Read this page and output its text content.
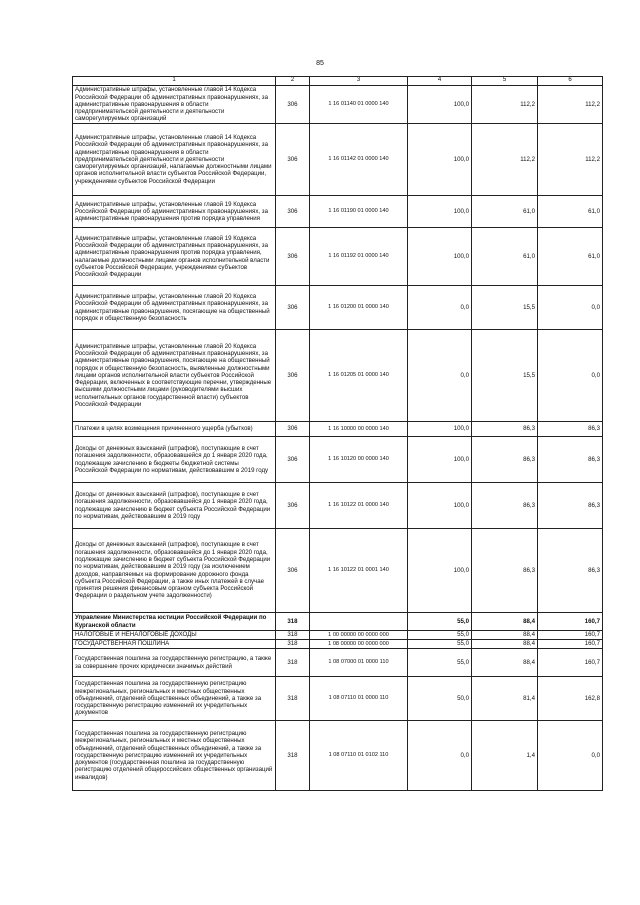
85
1	2	3	4	5	6
Административные штрафы, установленные главой 14 Кодекса Российской Федерации об административных правонарушениях, за административные правонарушения в области предпринимательской деятельности и деятельности саморегулируемых организаций	306	1 16 01140 01 0000 140	100,0	112,2	112,2
Административные штрафы, установленные главой 14 Кодекса Российской Федерации об административных правонарушениях, за административные правонарушения в области предпринимательской деятельности и деятельности саморегулируемых организаций, налагаемые должностными лицами органов исполнительной власти субъектов Российской Федерации, учреждениями субъектов Российской Федерации	306	1 16 01142 01 0000 140	100,0	112,2	112,2
Административные штрафы, установленные главой 19 Кодекса Российской Федерации об административных правонарушениях, за административные правонарушения против порядка управления	306	1 16 01190 01 0000 140	100,0	61,0	61,0
Административные штрафы, установленные главой 19 Кодекса Российской Федерации об административных правонарушениях, за административные правонарушения против порядка управления, налагаемые должностными лицами органов исполнительной власти субъектов Российской Федерации, учреждениями субъектов Российской Федерации	306	1 16 01192 01 0000 140	100,0	61,0	61,0
Административные штрафы, установленные главой 20 Кодекса Российской Федерации об административных правонарушениях, за административные правонарушения, посягающие на общественный порядок и общественную безопасность	306	1 16 01200 01 0000 140	0,0	15,5	0,0
Административные штрафы, установленные главой 20 Кодекса Российской Федерации об административных правонарушениях, за административные правонарушения, посягающие на общественный порядок и общественную безопасность, выявленные должностными лицами органов исполнительной власти субъектов Российской Федерации, включенных в соответствующие перечни, утвержденные высшими должностными лицами (руководителями высших исполнительных органов государственной власти) субъектов Российской Федерации	306	1 16 01205 01 0000 140	0,0	15,5	0,0
Платежи в целях возмещения причиненного ущерба (убытков)	306	1 16 10000 00 0000 140	100,0	86,3	86,3
Доходы от денежных взысканий (штрафов), поступающие в счет погашения задолженности, образовавшейся до 1 января 2020 года, подлежащие зачислению в бюджеты бюджетной системы Российской Федерации по нормативам, действовавшим в 2019 году	306	1 16 10120 00 0000 140	100,0	86,3	86,3
Доходы от денежных взысканий (штрафов), поступающие в счет погашения задолженности, образовавшейся до 1 января 2020 года, подлежащие зачислению в бюджет субъекта Российской Федерации по нормативам, действовавшим в 2019 году	306	1 16 10122 01 0000 140	100,0	86,3	86,3
Доходы от денежных взысканий (штрафов), поступающие в счет погашения задолженности, образовавшейся до 1 января 2020 года, подлежащие зачислению в бюджет субъекта Российской Федерации по нормативам, действовавшим в 2019 году (за исключением доходов, направляемых на формирование дорожного фонда субъекта Российской Федерации, а также иных платежей в случае принятия решения финансовым органом субъекта Российской Федерации о раздельном учете задолженности)	306	1 16 10122 01 0001 140	100,0	86,3	86,3
Управление Министерства юстиции Российской Федерации по Курганской области	318		55,0	88,4	160,7
НАЛОГОВЫЕ И НЕНАЛОГОВЫЕ ДОХОДЫ	318	1 00 00000 00 0000 000	55,0	88,4	160,7
ГОСУДАРСТВЕННАЯ ПОШЛИНА	318	1 08 00000 00 0000 000	55,0	88,4	160,7
Государственная пошлина за государственную регистрацию, а также за совершение прочих юридически значимых действий	318	1 08 07000 01 0000 110	55,0	88,4	160,7
Государственная пошлина за государственную регистрацию межрегиональных, региональных и местных общественных объединений, отделений общественных объединений, а также за государственную регистрацию изменений их учредительных документов	318	1 08 07110 01 0000 110	50,0	81,4	162,8
Государственная пошлина за государственную регистрацию межрегиональных, региональных и местных общественных объединений, отделений общественных объединений, а также за государственную регистрацию изменений их учредительных документов (государственная пошлина за государственную регистрацию отделений общероссийских общественных организаций инвалидов)	318	1 08 07110 01 0102 110	0,0	1,4	0,0
